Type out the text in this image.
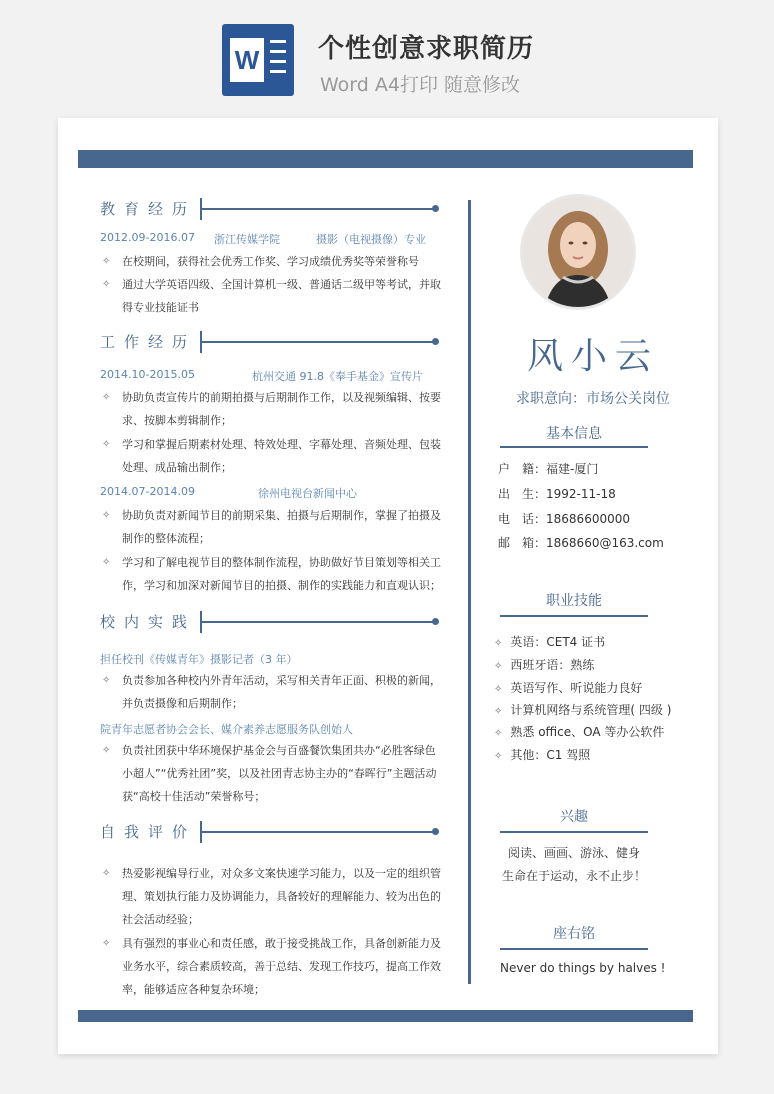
W 个性创意求职简历
Word A4打印 随意修改
教育经历
2012.09-2016.07 浙江传媒学院	摄影（电视摄像）专业
✧ 在校期间，获得社会优秀工作奖、学习成绩优秀奖等荣誉称号
✧ 通过大学英语四级、全国计算机一级、普通话二级甲等考试，并取得专业技能证书
工作经历
2014.10-2015.05	杭州交通 91.8《奉手基金》宣传片
✧ 协助负责宣传片的前期拍摄与后期制作工作，以及视频编辑、按要求、按脚本剪辑制作；
✧ 学习和掌握后期素材处理、特效处理、字幕处理、音频处理、包装处理、成品输出制作；
2014.07-2014.09	徐州电视台新闻中心
✧ 协助负责对新闻节目的前期采集、拍摄与后期制作，掌握了拍摄及制作的整体流程；
✧ 学习和了解电视节目的整体制作流程，协助做好节目策划等相关工作，学习和加深对新闻节目的拍摄、制作的实践能力和直观认识；
校内实践
担任校刊《传媒青年》摄影记者（3 年）
✧ 负责参加各种校内外青年活动，采写相关青年正面、积极的新闻，并负责摄像和后期制作；
院青年志愿者协会会长、媒介素养志愿服务队创始人
✧ 负责社团获中华环境保护基金会与百盛餐饮集团共办“必胜客绿色小超人”“优秀社团”奖，以及社团青志协主办的“春晖行”主题活动获“高校十佳活动”荣誉称号；
自我评价
✧ 热爱影视编导行业，对众多文案快速学习能力，以及一定的组织管理、策划执行能力及协调能力，具备较好的理解能力、较为出色的社会活动经验；
✧ 具有强烈的事业心和责任感，敢于接受挑战工作，具备创新能力及业务水平，综合素质较高，善于总结、发现工作技巧，提高工作效率，能够适应各种复杂环境；
风小云
求职意向：市场公关岗位
基本信息
户　籍：福建-厦门
出　生：1992-11-18
电　话：18686600000
邮　箱：1868660@163.com
职业技能
✧ 英语：CET4 证书
✧ 西班牙语：熟练
✧ 英语写作、听说能力良好
✧ 计算机网络与系统管理( 四级 )
✧ 熟悉 office、OA 等办公软件
✧ 其他：C1 驾照
兴趣
阅读、画画、游泳、健身
生命在于运动，永不止步！
座右铭
Never do things by halves !
